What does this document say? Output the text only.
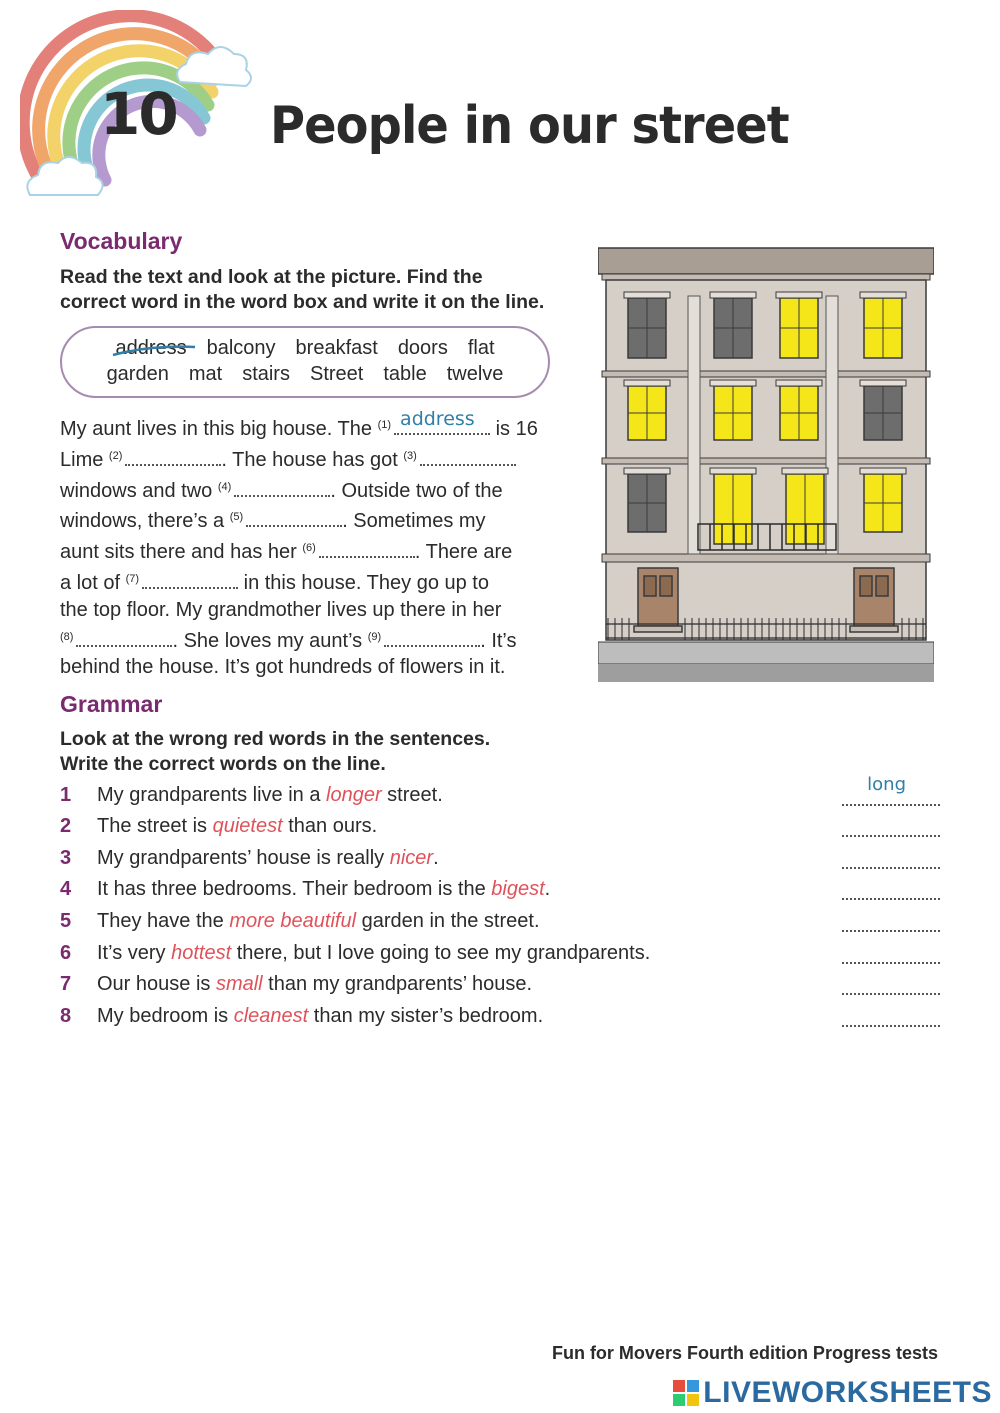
10 People in our street
Vocabulary
Read the text and look at the picture. Find the
correct word in the word box and write it on the line.
address balcony breakfast doors flat
garden mat stairs Street table twelve
My aunt lives in this big house. The $^{(1)}$ address is 16
Lime $^{(2)}$	. The house has got $^{(3)}$
windows and two $^{(4)}$	. Outside two of the
windows, there’s a $^{(5)}$	. Sometimes my
aunt sits there and has her $^{(6)}$	. There are
a lot of $^{(7)}$	in this house. They go up to
the top floor. My grandmother lives up there in her
$^{(8)}$	. She loves my aunt’s $^{(9)}$	. It’s
behind the house. It’s got hundreds of flowers in it.
Grammar
Look at the wrong red words in the sentences.
Write the correct words on the line.
1 My grandparents live in a longer street.	long
2 The street is quietest than ours.
3 My grandparents’ house is really nicer.
4 It has three bedrooms. Their bedroom is the bigest.
5 They have the more beautiful garden in the street.
6 It’s very hottest there, but I love going to see my grandparents.
7 Our house is small than my grandparents’ house.
8 My bedroom is cleanest than my sister’s bedroom.
Fun for Movers Fourth edition Progress tests
LIVEWORKSHEETS
